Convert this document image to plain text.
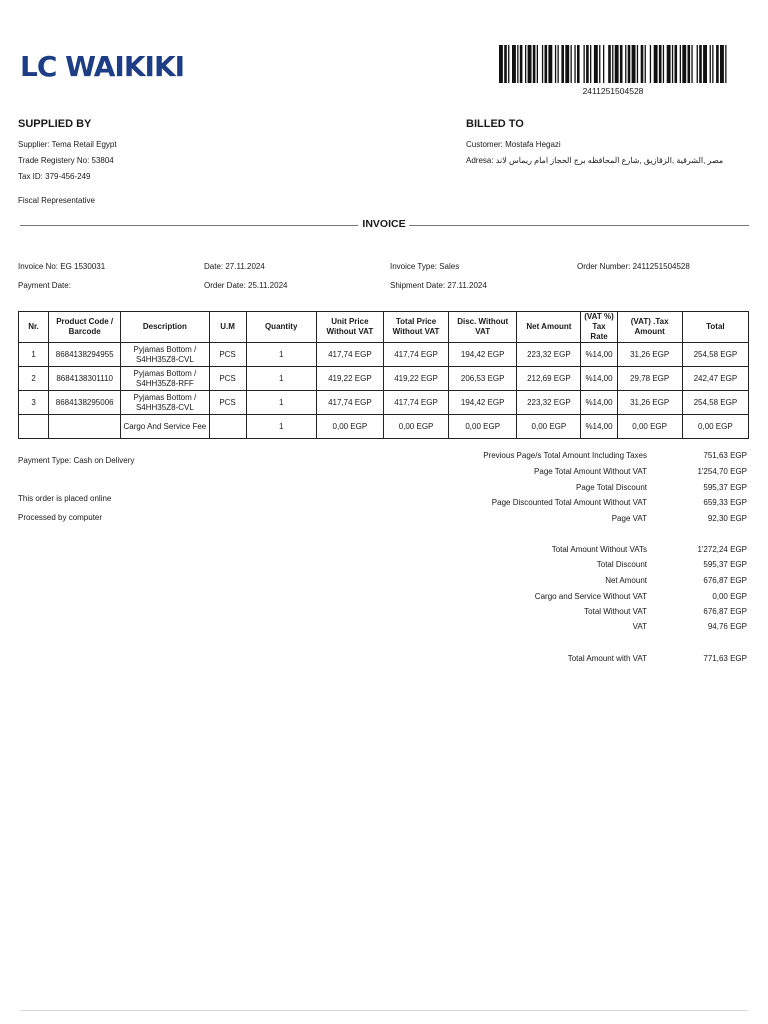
LC WAIKIKI
2411251504528
SUPPLIED BY
Supplier: Tema Retail Egypt
Trade Registery No: 53804
Tax ID: 379-456-249
Fiscal Representative
BILLED TO
Customer: Mostafa Hegazi
Adresa: مصر ,الشرقية ,الزقازيق ,شارع المحافظه برج الحجاز امام ريماس لاند
INVOICE
Invoice No: EG 1530031	Date: 27.11.2024	Invoice Type: Sales	Order Number: 2411251504528
Payment Date:	Order Date: 25.11.2024	Shipment Date: 27.11.2024
Nr.	Product Code / Barcode	Description	U.M	Quantity	Unit Price Without VAT	Total Price Without VAT	Disc. Without VAT	Net Amount	(VAT %) Tax Rate	(VAT) .Tax Amount	Total
1	8684138294955	Pyjamas Bottom / S4HH35Z8-CVL	PCS	1	417,74 EGP	417,74 EGP	194,42 EGP	223,32 EGP	%14,00	31,26 EGP	254,58 EGP
2	8684138301110	Pyjamas Bottom / S4HH35Z8-RFF	PCS	1	419,22 EGP	419,22 EGP	206,53 EGP	212,69 EGP	%14,00	29,78 EGP	242,47 EGP
3	8684138295006	Pyjamas Bottom / S4HH35Z8-CVL	PCS	1	417,74 EGP	417,74 EGP	194,42 EGP	223,32 EGP	%14,00	31,26 EGP	254,58 EGP
		Cargo And Service Fee		1	0,00 EGP	0,00 EGP	0,00 EGP	0,00 EGP	%14,00	0,00 EGP	0,00 EGP
Payment Type: Cash on Delivery
This order is placed online
Processed by computer
Previous Page/s Total Amount Including Taxes	751,63 EGP
Page Total Amount Without VAT	1'254,70 EGP
Page Total Discount	595,37 EGP
Page Discounted Total Amount Without VAT	659,33 EGP
Page VAT	92,30 EGP
Total Amount Without VATs	1'272,24 EGP
Total Discount	595,37 EGP
Net Amount	676,87 EGP
Cargo and Service Without VAT	0,00 EGP
Total Without VAT	676,87 EGP
VAT	94,76 EGP
Total Amount with VAT	771,63 EGP
